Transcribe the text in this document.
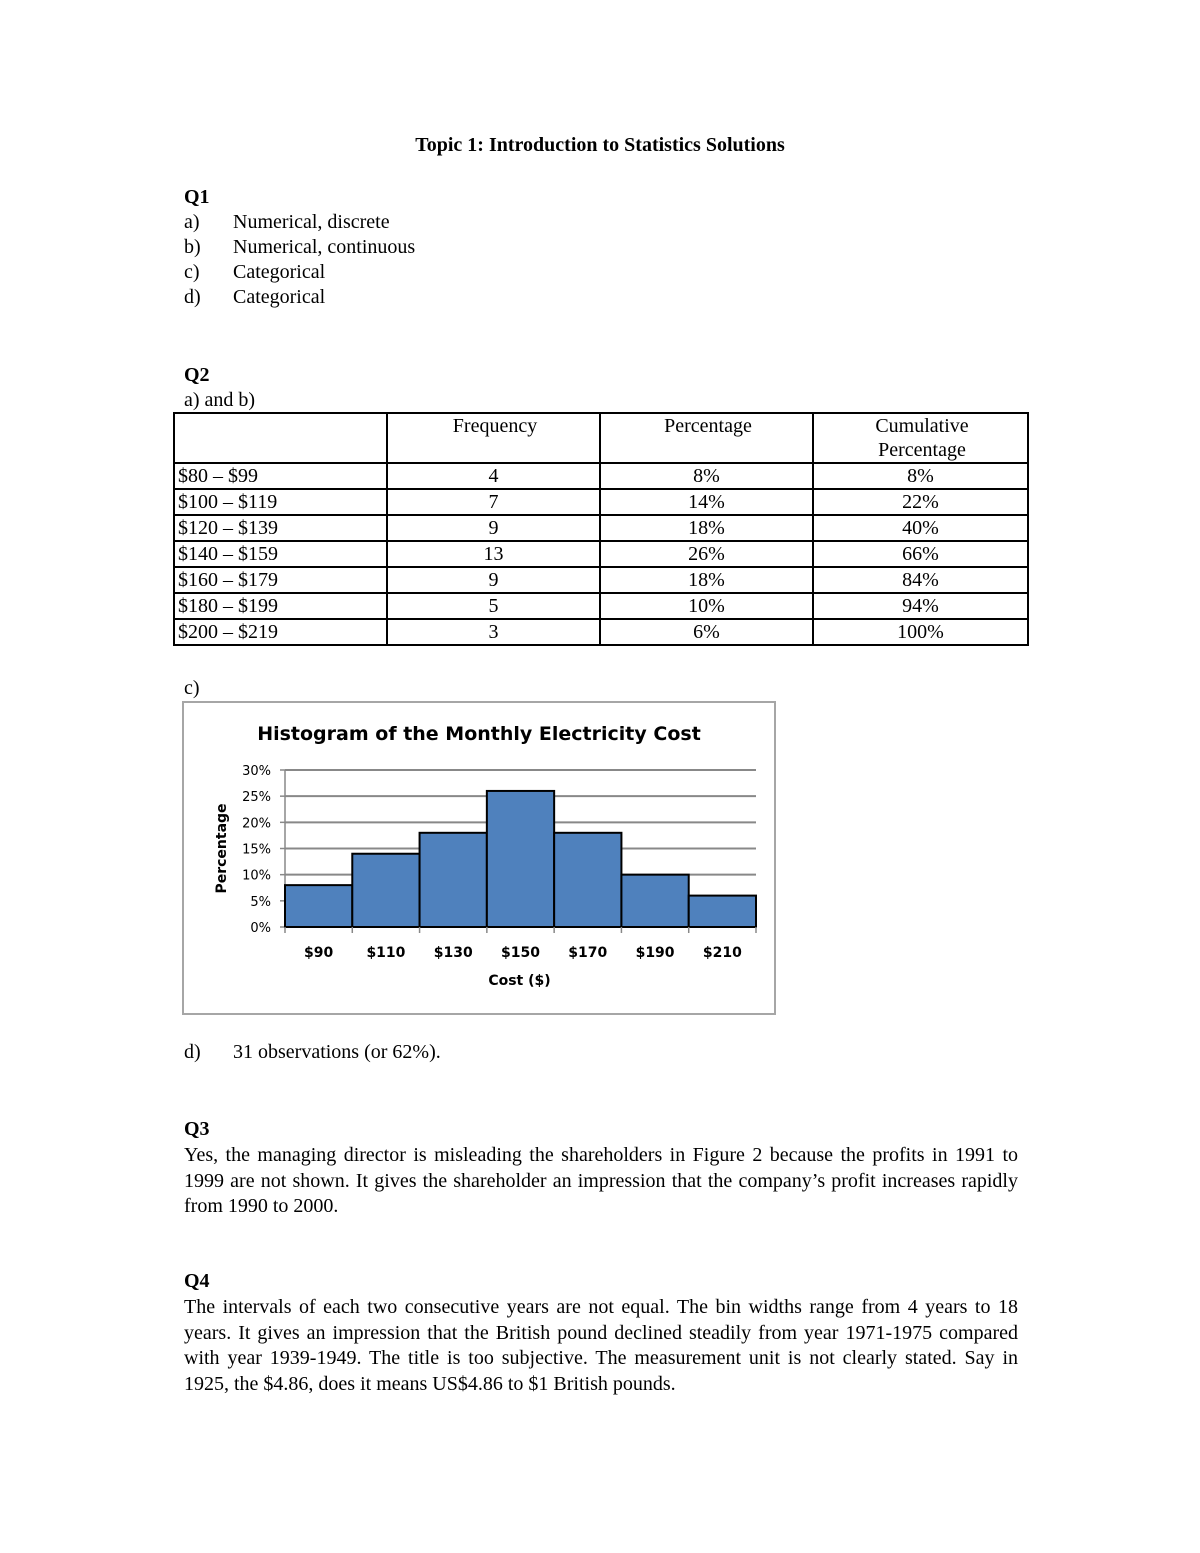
Topic 1: Introduction to Statistics Solutions
Q1
a) Numerical, discrete
b) Numerical, continuous
c) Categorical
d) Categorical
Q2
a) and b)
	Frequency	Percentage	Cumulative Percentage
$80 – $99	4	8%	8%
$100 – $119	7	14%	22%
$120 – $139	9	18%	40%
$140 – $159	13	26%	66%
$160 – $179	9	18%	84%
$180 – $199	5	10%	94%
$200 – $219	3	6%	100%
c)
Histogram of the Monthly Electricity Cost
0%
5%
10%
15%
20%
25%
30%
$90 $110 $130 $150 $170 $190 $210
Cost ($)
Percentage
d) 31 observations (or 62%).
Q3
Yes, the managing director is misleading the shareholders in Figure 2 because the profits in 1991 to 1999 are not shown. It gives the shareholder an impression that the company’s profit increases rapidly from 1990 to 2000.
Q4
The intervals of each two consecutive years are not equal. The bin widths range from 4 years to 18 years. It gives an impression that the British pound declined steadily from year 1971-1975 compared with year 1939-1949. The title is too subjective. The measurement unit is not clearly stated. Say in 1925, the $4.86, does it means US$4.86 to $1 British pounds.
